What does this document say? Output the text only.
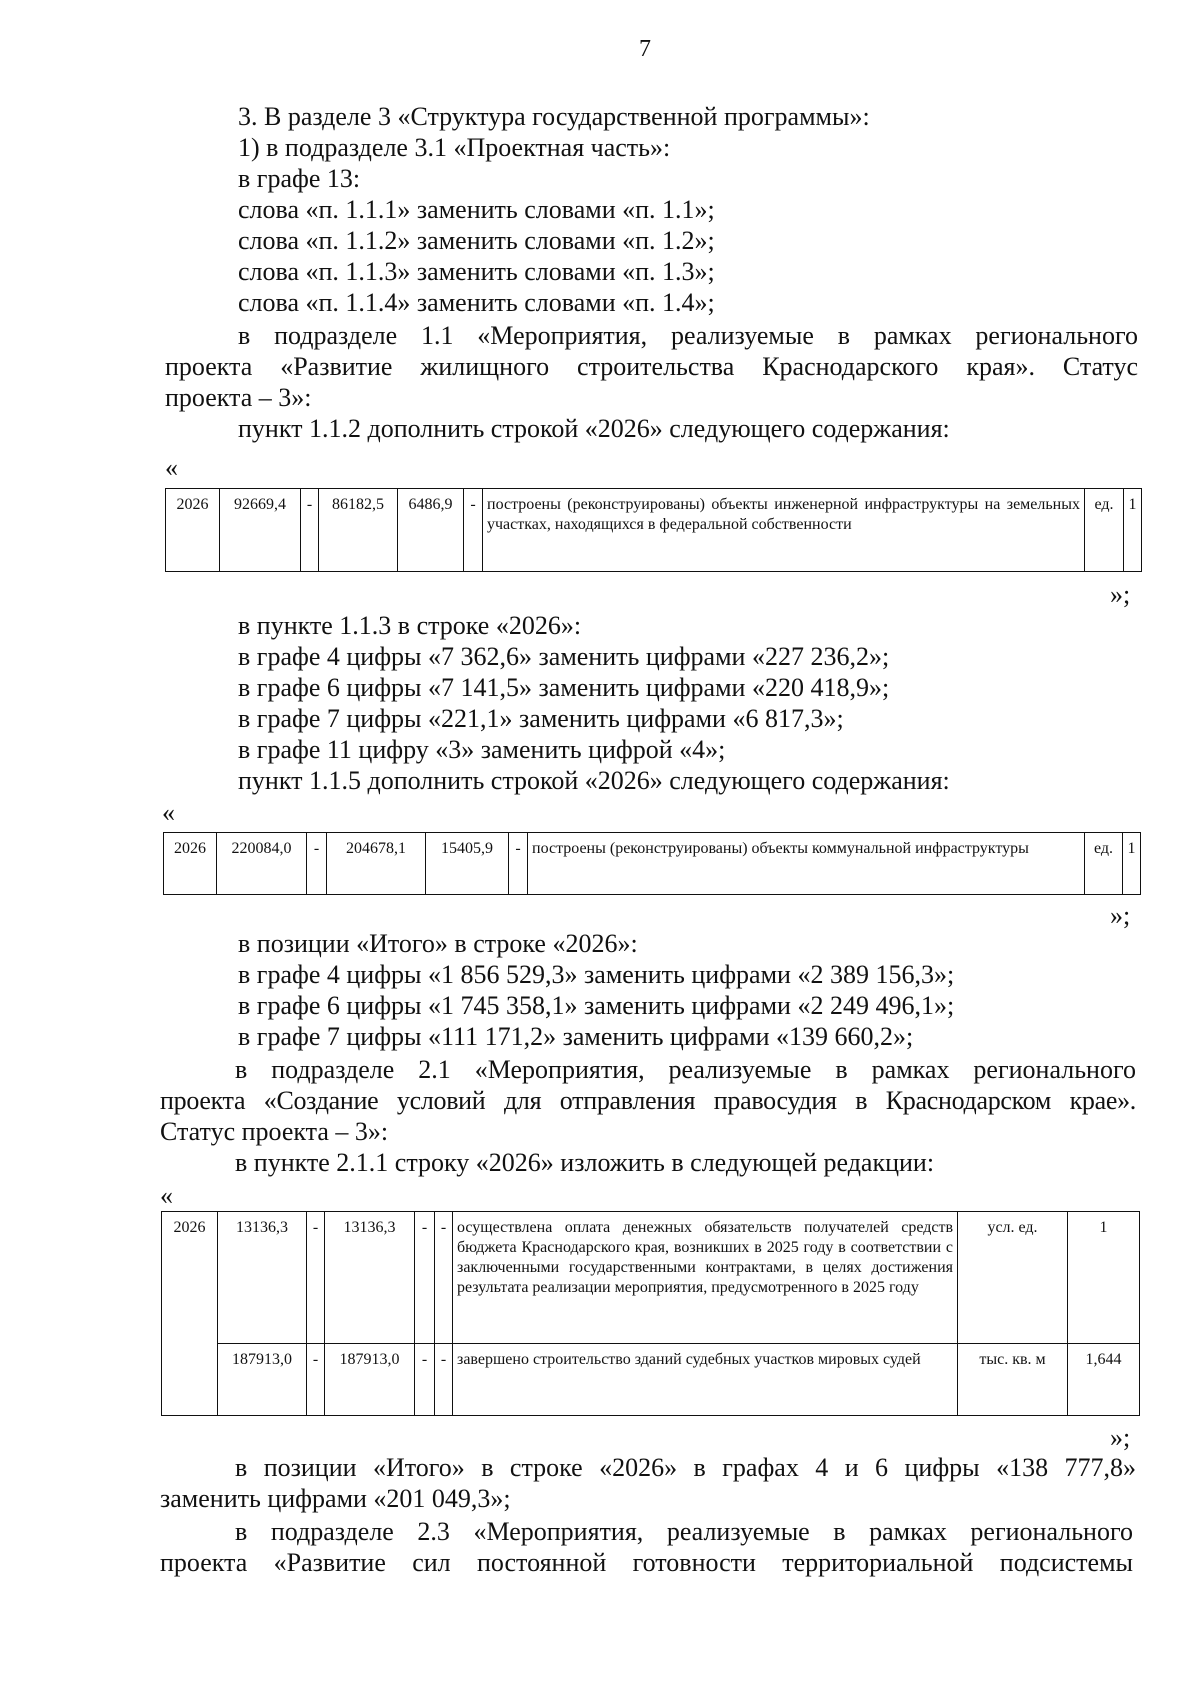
7
3. В разделе 3 «Структура государственной программы»:
1) в подразделе 3.1 «Проектная часть»:
в графе 13:
слова «п. 1.1.1» заменить словами «п. 1.1»;
слова «п. 1.1.2» заменить словами «п. 1.2»;
слова «п. 1.1.3» заменить словами «п. 1.3»;
слова «п. 1.1.4» заменить словами «п. 1.4»;
в подразделе 1.1 «Мероприятия, реализуемые в рамках регионального
проекта «Развитие жилищного строительства Краснодарского края». Статус
проекта – 3»:
пункт 1.1.2 дополнить строкой «2026» следующего содержания:
«
2026	92669,4	-	86182,5	6486,9	-	построены (реконструированы) объекты инженерной инфраструктуры на земельных участках, находящихся в федеральной собственности	ед.	1
»;
в пункте 1.1.3 в строке «2026»:
в графе 4 цифры «7 362,6» заменить цифрами «227 236,2»;
в графе 6 цифры «7 141,5» заменить цифрами «220 418,9»;
в графе 7 цифры «221,1» заменить цифрами «6 817,3»;
в графе 11 цифру «3» заменить цифрой «4»;
пункт 1.1.5 дополнить строкой «2026» следующего содержания:
«
2026	220084,0	-	204678,1	15405,9	-	построены (реконструированы) объекты коммунальной инфраструктуры	ед.	1
»;
в позиции «Итого» в строке «2026»:
в графе 4 цифры «1 856 529,3» заменить цифрами «2 389 156,3»;
в графе 6 цифры «1 745 358,1» заменить цифрами «2 249 496,1»;
в графе 7 цифры «111 171,2» заменить цифрами «139 660,2»;
в подразделе 2.1 «Мероприятия, реализуемые в рамках регионального
проекта «Создание условий для отправления правосудия в Краснодарском крае».
Статус проекта – 3»:
в пункте 2.1.1 строку «2026» изложить в следующей редакции:
«
2026	13136,3	-	13136,3	-	-	осуществлена оплата денежных обязательств получателей средств бюджета Краснодарского края, возникших в 2025 году в соответствии с заключенными государственными контрактами, в целях достижения результата реализации мероприятия, предусмотренного в 2025 году	усл. ед.	1
	187913,0	-	187913,0	-	-	завершено строительство зданий судебных участков мировых судей	тыс. кв. м	1,644
»;
в позиции «Итого» в строке «2026» в графах 4 и 6 цифры «138 777,8»
заменить цифрами «201 049,3»;
в подразделе 2.3 «Мероприятия, реализуемые в рамках регионального
проекта «Развитие сил постоянной готовности территориальной подсистемы
